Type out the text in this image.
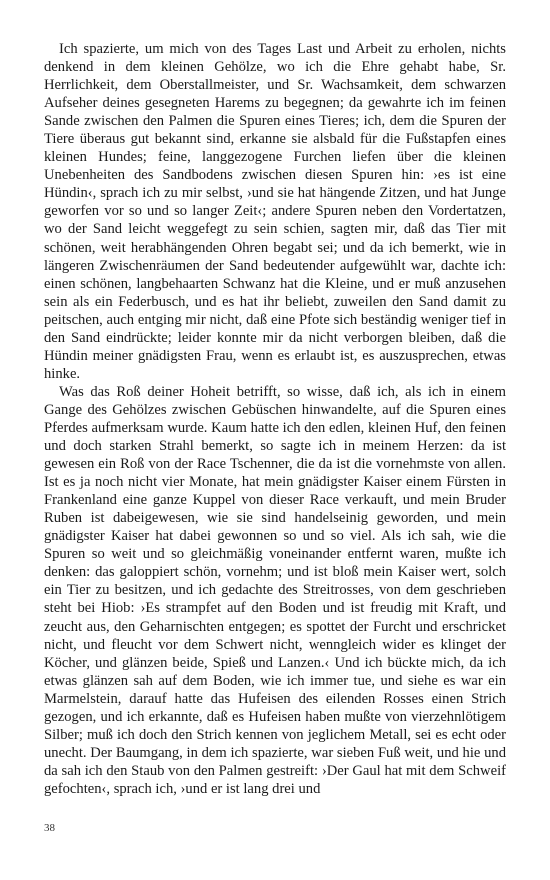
Ich spazierte, um mich von des Tages Last und Arbeit zu erholen, nichts denkend in dem kleinen Gehölze, wo ich die Ehre gehabt habe, Sr. Herrlichkeit, dem Oberstallmeister, und Sr. Wachsamkeit, dem schwarzen Aufseher deines gesegneten Harems zu begegnen; da gewahrte ich im feinen Sande zwischen den Palmen die Spuren eines Tieres; ich, dem die Spuren der Tiere überaus gut bekannt sind, erkanne sie alsbald für die Fußstapfen eines kleinen Hundes; feine, langgezogene Furchen liefen über die kleinen Unebenheiten des Sandbodens zwischen diesen Spuren hin: ›es ist eine Hündin‹, sprach ich zu mir selbst, ›und sie hat hängende Zitzen, und hat Junge geworfen vor so und so langer Zeit‹; andere Spuren neben den Vordertatzen, wo der Sand leicht weggefegt zu sein schien, sagten mir, daß das Tier mit schönen, weit herabhängenden Ohren begabt sei; und da ich bemerkt, wie in längeren Zwischenräumen der Sand bedeutender aufgewühlt war, dachte ich: einen schönen, langbehaarten Schwanz hat die Kleine, und er muß anzusehen sein als ein Federbusch, und es hat ihr beliebt, zuweilen den Sand damit zu peitschen, auch entging mir nicht, daß eine Pfote sich beständig weniger tief in den Sand eindrückte; leider konnte mir da nicht verborgen bleiben, daß die Hündin meiner gnädigsten Frau, wenn es erlaubt ist, es auszusprechen, etwas hinke.

Was das Roß deiner Hoheit betrifft, so wisse, daß ich, als ich in einem Gange des Gehölzes zwischen Gebüschen hinwandelte, auf die Spuren eines Pferdes aufmerksam wurde. Kaum hatte ich den edlen, kleinen Huf, den feinen und doch starken Strahl bemerkt, so sagte ich in meinem Herzen: da ist gewesen ein Roß von der Race Tschenner, die da ist die vornehmste von allen. Ist es ja noch nicht vier Monate, hat mein gnädigster Kaiser einem Fürsten in Frankenland eine ganze Kuppel von dieser Race verkauft, und mein Bruder Ruben ist dabeigewesen, wie sie sind handelseinig geworden, und mein gnädigster Kaiser hat dabei gewonnen so und so viel. Als ich sah, wie die Spuren so weit und so gleichmäßig voneinander entfernt waren, mußte ich denken: das galoppiert schön, vornehm; und ist bloß mein Kaiser wert, solch ein Tier zu besitzen, und ich gedachte des Streitrosses, von dem geschrieben steht bei Hiob: ›Es strampfet auf den Boden und ist freudig mit Kraft, und zeucht aus, den Geharnischten entgegen; es spottet der Furcht und erschricket nicht, und fleucht vor dem Schwert nicht, wenngleich wider es klinget der Köcher, und glänzen beide, Spieß und Lanzen.‹ Und ich bückte mich, da ich etwas glänzen sah auf dem Boden, wie ich immer tue, und siehe es war ein Marmelstein, darauf hatte das Hufeisen des eilenden Rosses einen Strich gezogen, und ich erkannte, daß es Hufeisen haben mußte von vierzehnlötigem Silber; muß ich doch den Strich kennen von jeglichem Metall, sei es echt oder unecht. Der Baumgang, in dem ich spazierte, war sieben Fuß weit, und hie und da sah ich den Staub von den Palmen gestreift: ›Der Gaul hat mit dem Schweif gefochten‹, sprach ich, ›und er ist lang drei und

38
